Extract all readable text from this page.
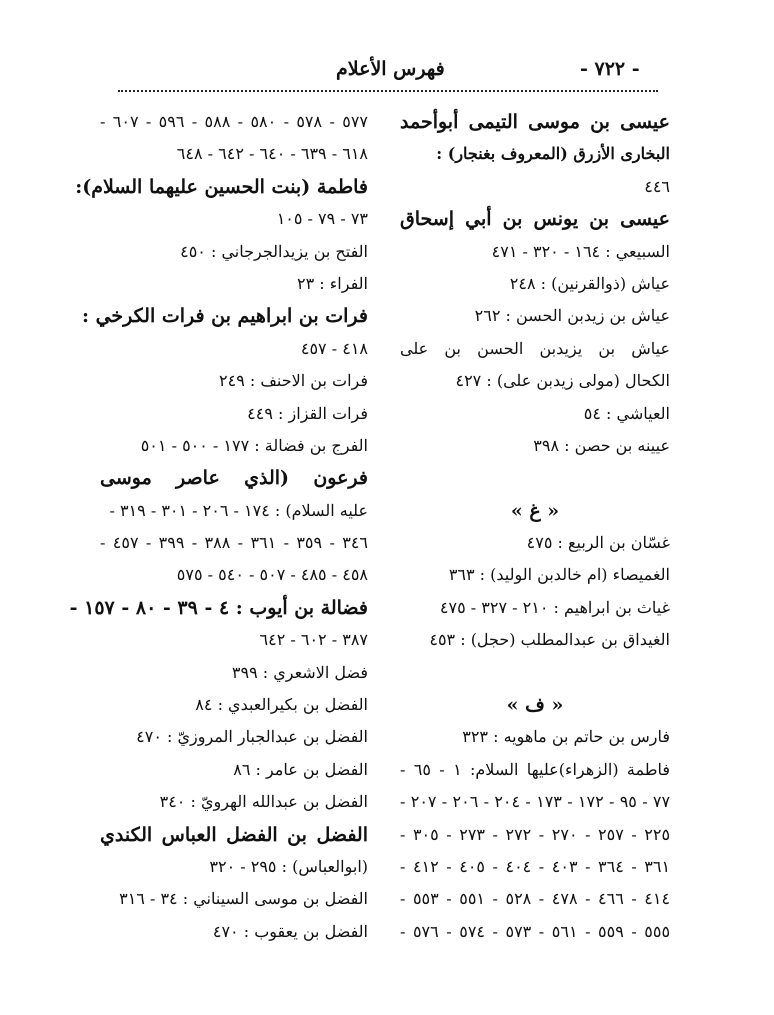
فهرس الأعلام	- ٧٢٢ -
عيسى بن موسى التيمى أبوأحمد
البخارى الأزرق (المعروف بغنجار) :
٤٤٦
عيسى بن يونس بن أبي إسحاق
السبيعي : ١٦٤ - ٣٢٠ - ٤٧١
عياش (ذوالقرنين) : ٢٤٨
عياش بن زيدبن الحسن : ٢٦٢
عياش بن يزيدبن الحسن بن على
الكحال (مولى زيدبن على) : ٤٢٧
العياشي : ٥٤
عيينه بن حصن : ٣٩٨
« غ »
غسّان بن الربيع : ٤٧٥
الغميصاء (ام خالدبن الوليد) : ٣٦٣
غياث بن ابراهيم : ٢١٠ - ٣٢٧ - ٤٧٥
الغيداق بن عبدالمطلب (حجل) : ٤٥٣
« ف »
فارس بن حاتم بن ماهويه : ٣٢٣
فاطمة (الزهراء)عليها السلام: ١ - ٦٥ -
٧٧ - ٩٥ - ١٧٢ - ١٧٣ - ٢٠٤ - ٢٠٦ - ٢٠٧ -
٢٢٥ - ٢٥٧ - ٢٧٠ - ٢٧٢ - ٢٧٣ - ٣٠٥ -
٣٦١ - ٣٦٤ - ٤٠٣ - ٤٠٤ - ٤٠٥ - ٤١٢ -
٤١٤ - ٤٦٦ - ٤٧٨ - ٥٢٨ - ٥٥١ - ٥٥٣ -
٥٥٥ - ٥٥٩ - ٥٦١ - ٥٧٣ - ٥٧٤ - ٥٧٦ -
٥٧٧ - ٥٧٨ - ٥٨٠ - ٥٨٨ - ٥٩٦ - ٦٠٧ -
٦١٨ - ٦٣٩ - ٦٤٠ - ٦٤٢ - ٦٤٨
فاطمة (بنت الحسين عليهما السلام):
٧٣ - ٧٩ - ١٠٥
الفتح بن يزيدالجرجاني : ٤٥٠
الفراء : ٢٣
فرات بن ابراهيم بن فرات الكرخي :
٤١٨ - ٤٥٧
فرات بن الاحنف : ٢٤٩
فرات القزاز : ٤٤٩
الفرج بن فضالة : ١٧٧ - ٥٠٠ - ٥٠١
فرعون (الذي عاصر موسى
عليه السلام) : ١٧٤ - ٢٠٦ - ٣٠١ - ٣١٩ -
٣٤٦ - ٣٥٩ - ٣٦١ - ٣٨٨ - ٣٩٩ - ٤٥٧ -
٤٥٨ - ٤٨٥ - ٥٠٧ - ٥٤٠ - ٥٧٥
فضالة بن أيوب : ٤ - ٣٩ - ٨٠ - ١٥٧ -
٣٨٧ - ٦٠٢ - ٦٤٢
فضل الاشعري : ٣٩٩
الفضل بن بكيرالعبدي : ٨٤
الفضل بن عبدالجبار المروزيّ : ٤٧٠
الفضل بن عامر : ٨٦
الفضل بن عبدالله الهرويّ : ٣٤٠
الفضل بن الفضل العباس الكندي
(ابوالعباس) : ٢٩٥ - ٣٢٠
الفضل بن موسى السيناني : ٣٤ - ٣١٦
الفضل بن يعقوب : ٤٧٠
